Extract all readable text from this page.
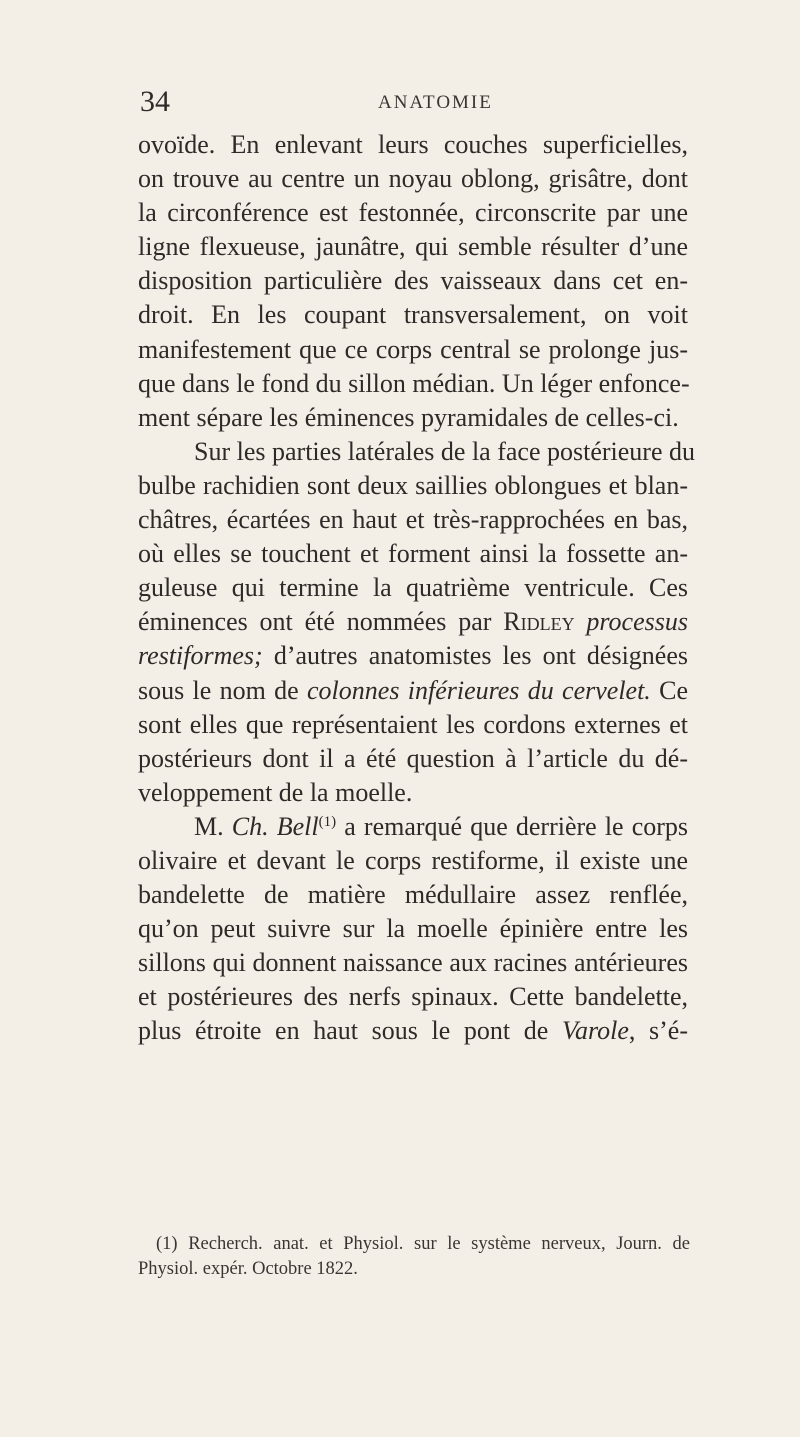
34	ANATOMIE
ovoïde. En enlevant leurs couches superficielles,
on trouve au centre un noyau oblong, grisâtre, dont
la circonférence est festonnée, circonscrite par une
ligne flexueuse, jaunâtre, qui semble résulter d’une
disposition particulière des vaisseaux dans cet en-
droit. En les coupant transversalement, on voit
manifestement que ce corps central se prolonge jus-
que dans le fond du sillon médian. Un léger enfonce-
ment sépare les éminences pyramidales de celles-ci.
Sur les parties latérales de la face postérieure du
bulbe rachidien sont deux saillies oblongues et blan-
châtres, écartées en haut et très-rapprochées en bas,
où elles se touchent et forment ainsi la fossette an-
guleuse qui termine la quatrième ventricule. Ces
éminences ont été nommées par Ridley processus
restiformes; d’autres anatomistes les ont désignées
sous le nom de colonnes inférieures du cervelet. Ce
sont elles que représentaient les cordons externes et
postérieurs dont il a été question à l’article du dé-
veloppement de la moelle.
M. Ch. Bell$^{(1)}$ a remarqué que derrière le corps
olivaire et devant le corps restiforme, il existe une
bandelette de matière médullaire assez renflée,
qu’on peut suivre sur la moelle épinière entre les
sillons qui donnent naissance aux racines antérieures
et postérieures des nerfs spinaux. Cette bandelette,
plus étroite en haut sous le pont de Varole, s’é-
(1) Recherch. anat. et Physiol. sur le système nerveux, Journ. de
Physiol. expér. Octobre 1822.
